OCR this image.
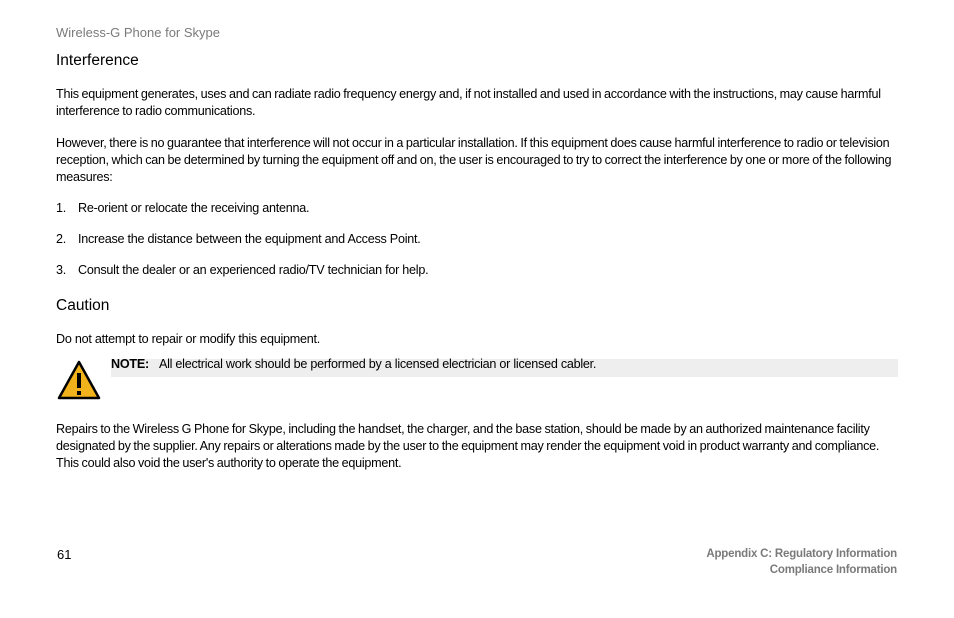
Wireless-G Phone for Skype
Interference
This equipment generates, uses and can radiate radio frequency energy and, if not installed and used in accordance with the instructions, may cause harmful interference to radio communications.
However, there is no guarantee that interference will not occur in a particular installation. If this equipment does cause harmful interference to radio or television reception, which can be determined by turning the equipment off and on, the user is encouraged to try to correct the interference by one or more of the following measures:
1. Re-orient or relocate the receiving antenna.
2. Increase the distance between the equipment and Access Point.
3. Consult the dealer or an experienced radio/TV technician for help.
Caution
Do not attempt to repair or modify this equipment.
NOTE: All electrical work should be performed by a licensed electrician or licensed cabler.
Repairs to the Wireless G Phone for Skype, including the handset, the charger, and the base station, should be made by an authorized maintenance facility designated by the supplier. Any repairs or alterations made by the user to the equipment may render the equipment void in product warranty and compliance. This could also void the user's authority to operate the equipment.
61	Appendix C: Regulatory Information
Compliance Information
